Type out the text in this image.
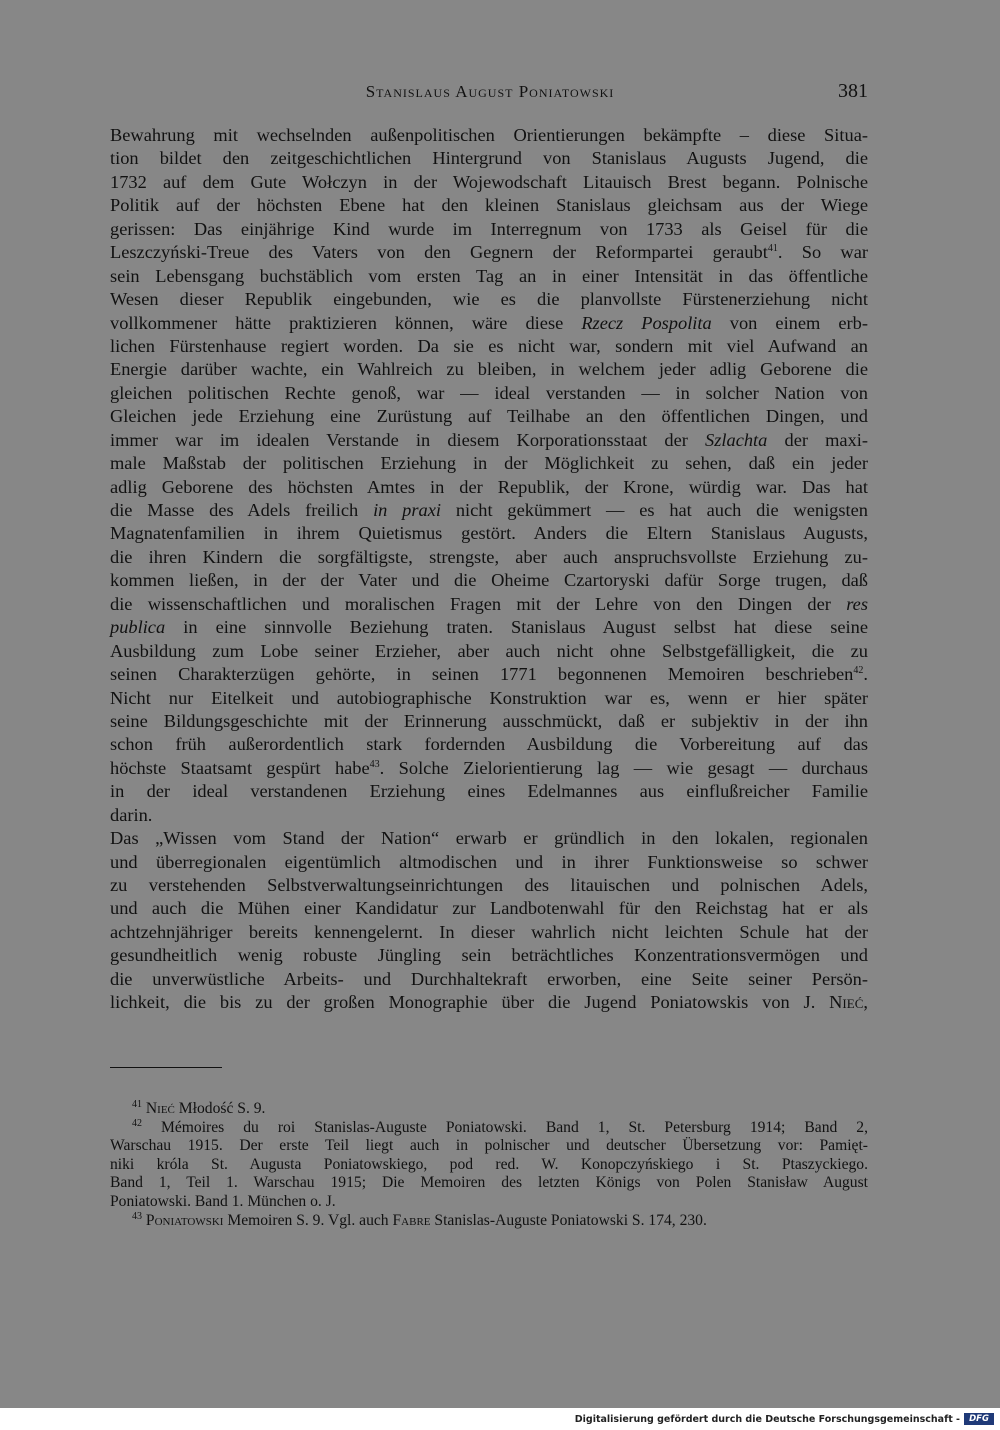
Stanislaus August Poniatowski	381
Bewahrung mit wechselnden außenpolitischen Orientierungen bekämpfte – diese Situa-
tion bildet den zeitgeschichtlichen Hintergrund von Stanislaus Augusts Jugend, die
1732 auf dem Gute Wołczyn in der Wojewodschaft Litauisch Brest begann. Polnische
Politik auf der höchsten Ebene hat den kleinen Stanislaus gleichsam aus der Wiege
gerissen: Das einjährige Kind wurde im Interregnum von 1733 als Geisel für die
Leszczyński-Treue des Vaters von den Gegnern der Reformpartei geraubt$^{41}$. So war
sein Lebensgang buchstäblich vom ersten Tag an in einer Intensität in das öffentliche
Wesen dieser Republik eingebunden, wie es die planvollste Fürstenerziehung nicht
vollkommener hätte praktizieren können, wäre diese Rzecz Pospolita von einem erb-
lichen Fürstenhause regiert worden. Da sie es nicht war, sondern mit viel Aufwand an
Energie darüber wachte, ein Wahlreich zu bleiben, in welchem jeder adlig Geborene die
gleichen politischen Rechte genoß, war — ideal verstanden — in solcher Nation von
Gleichen jede Erziehung eine Zurüstung auf Teilhabe an den öffentlichen Dingen, und
immer war im idealen Verstande in diesem Korporationsstaat der Szlachta der maxi-
male Maßstab der politischen Erziehung in der Möglichkeit zu sehen, daß ein jeder
adlig Geborene des höchsten Amtes in der Republik, der Krone, würdig war. Das hat
die Masse des Adels freilich in praxi nicht gekümmert — es hat auch die wenigsten
Magnatenfamilien in ihrem Quietismus gestört. Anders die Eltern Stanislaus Augusts,
die ihren Kindern die sorgfältigste, strengste, aber auch anspruchsvollste Erziehung zu-
kommen ließen, in der der Vater und die Oheime Czartoryski dafür Sorge trugen, daß
die wissenschaftlichen und moralischen Fragen mit der Lehre von den Dingen der res
publica in eine sinnvolle Beziehung traten. Stanislaus August selbst hat diese seine
Ausbildung zum Lobe seiner Erzieher, aber auch nicht ohne Selbstgefälligkeit, die zu
seinen Charakterzügen gehörte, in seinen 1771 begonnenen Memoiren beschrieben$^{42}$.
Nicht nur Eitelkeit und autobiographische Konstruktion war es, wenn er hier später
seine Bildungsgeschichte mit der Erinnerung ausschmückt, daß er subjektiv in der ihn
schon früh außerordentlich stark fordernden Ausbildung die Vorbereitung auf das
höchste Staatsamt gespürt habe$^{43}$. Solche Zielorientierung lag — wie gesagt — durchaus
in der ideal verstandenen Erziehung eines Edelmannes aus einflußreicher Familie
darin.
Das „Wissen vom Stand der Nation“ erwarb er gründlich in den lokalen, regionalen
und überregionalen eigentümlich altmodischen und in ihrer Funktionsweise so schwer
zu verstehenden Selbstverwaltungseinrichtungen des litauischen und polnischen Adels,
und auch die Mühen einer Kandidatur zur Landbotenwahl für den Reichstag hat er als
achtzehnjähriger bereits kennengelernt. In dieser wahrlich nicht leichten Schule hat der
gesundheitlich wenig robuste Jüngling sein beträchtliches Konzentrationsvermögen und
die unverwüstliche Arbeits- und Durchhaltekraft erworben, eine Seite seiner Persön-
lichkeit, die bis zu der großen Monographie über die Jugend Poniatowskis von J. Nieć,
$^{41}$ Nieć Młodość S. 9.
$^{42}$ Mémoires du roi Stanislas-Auguste Poniatowski. Band 1, St. Petersburg 1914; Band 2,
Warschau 1915. Der erste Teil liegt auch in polnischer und deutscher Übersetzung vor: Pamięt-
niki króla St. Augusta Poniatowskiego, pod red. W. Konopczyńskiego i St. Ptaszyckiego.
Band 1, Teil 1. Warschau 1915; Die Memoiren des letzten Königs von Polen Stanisław August
Poniatowski. Band 1. München o. J.
$^{43}$ Poniatowski Memoiren S. 9. Vgl. auch Fabre Stanislas-Auguste Poniatowski S. 174, 230.
Digitalisierung gefördert durch die Deutsche Forschungsgemeinschaft -	DFG
